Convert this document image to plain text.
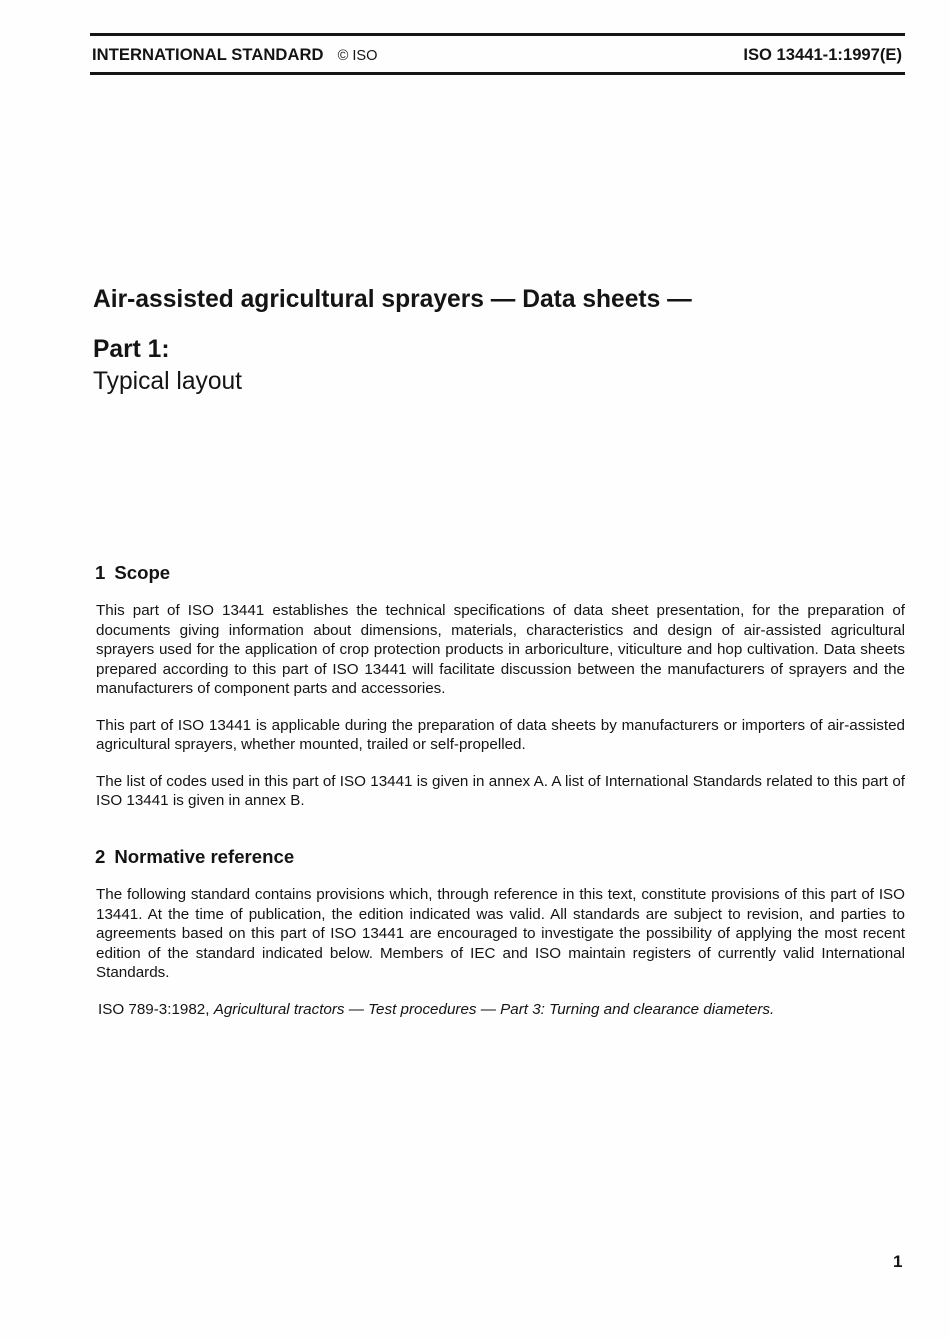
INTERNATIONAL STANDARD © ISO	ISO 13441-1:1997(E)
Air-assisted agricultural sprayers — Data sheets —
Part 1:
Typical layout
1 Scope

This part of ISO 13441 establishes the technical specifications of data sheet presentation, for the preparation of documents giving information about dimensions, materials, characteristics and design of air-assisted agricultural sprayers used for the application of crop protection products in arboriculture, viticulture and hop cultivation. Data sheets prepared according to this part of ISO 13441 will facilitate discussion between the manufacturers of sprayers and the manufacturers of component parts and accessories.

This part of ISO 13441 is applicable during the preparation of data sheets by manufacturers or importers of air-assisted agricultural sprayers, whether mounted, trailed or self-propelled.

The list of codes used in this part of ISO 13441 is given in annex A. A list of International Standards related to this part of ISO 13441 is given in annex B.

2 Normative reference

The following standard contains provisions which, through reference in this text, constitute provisions of this part of ISO 13441. At the time of publication, the edition indicated was valid. All standards are subject to revision, and parties to agreements based on this part of ISO 13441 are encouraged to investigate the possibility of applying the most recent edition of the standard indicated below. Members of IEC and ISO maintain registers of currently valid International Standards.

ISO 789-3:1982, Agricultural tractors — Test procedures — Part 3: Turning and clearance diameters.
1
